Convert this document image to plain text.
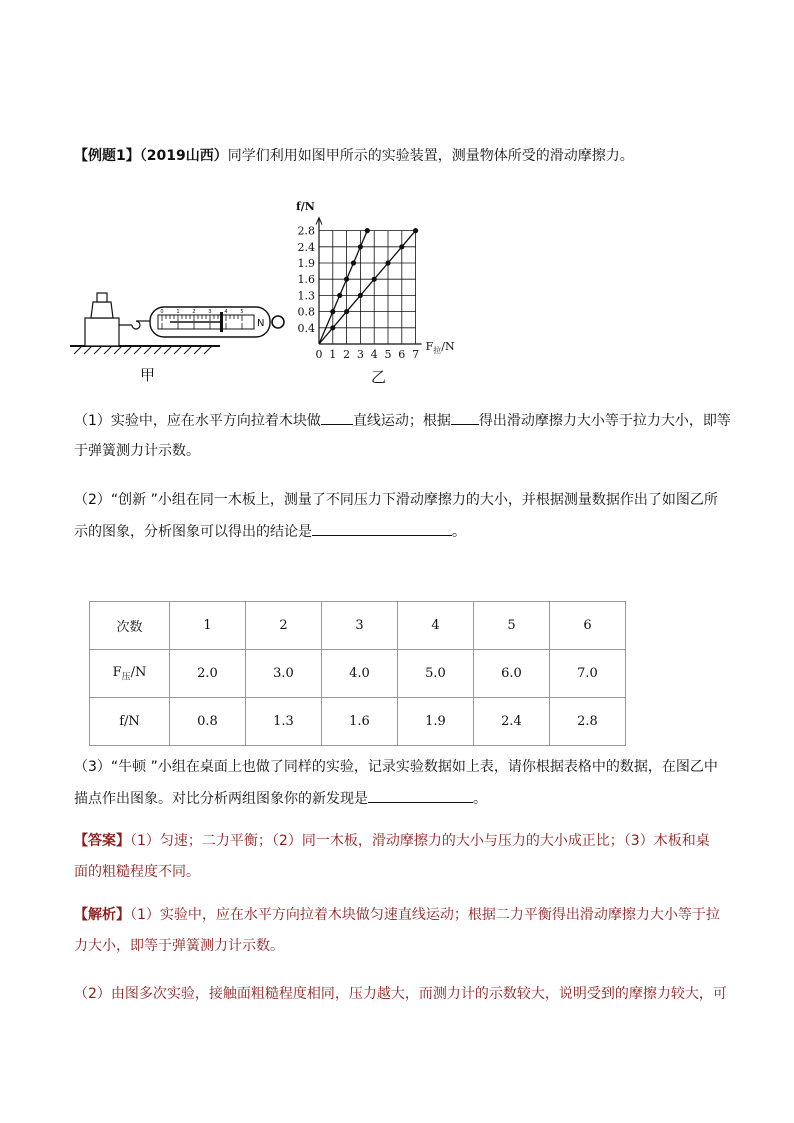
【例题1】（2019山西）同学们利用如图甲所示的实验装置，测量物体所受的滑动摩擦力。
0	1	2	3	4	5
N
甲
0 1 2 3 4 5 6 7
0.4
0.8
1.3
1.6
1.9
2.4
2.8
f/N
$F_拉/N$
乙
（1）实验中，应在水平方向拉着木块做 直线运动；根据 得出滑动摩擦力大小等于拉力大小，即等
于弹簧测力计示数。
（2）“创新 ”小组在同一木板上，测量了不同压力下滑动摩擦力的大小，并根据测量数据作出了如图乙所
示的图象，分析图象可以得出的结论是	。
次数	1	2	3	4	5	6
$F_压/N$	2.0	3.0	4.0	5.0	6.0	7.0
f/N	0.8	1.3	1.6	1.9	2.4	2.8
（3）“牛顿 ”小组在桌面上也做了同样的实验，记录实验数据如上表，请你根据表格中的数据，在图乙中
描点作出图象。对比分析两组图象你的新发现是	。
【答案】（1）匀速；二力平衡；（2）同一木板，滑动摩擦力的大小与压力的大小成正比；（3）木板和桌
面的粗糙程度不同。
【解析】（1）实验中，应在水平方向拉着木块做匀速直线运动；根据二力平衡得出滑动摩擦力大小等于拉
力大小，即等于弹簧测力计示数。
（2）由图多次实验，接触面粗糙程度相同，压力越大，而测力计的示数较大，说明受到的摩擦力较大，可
